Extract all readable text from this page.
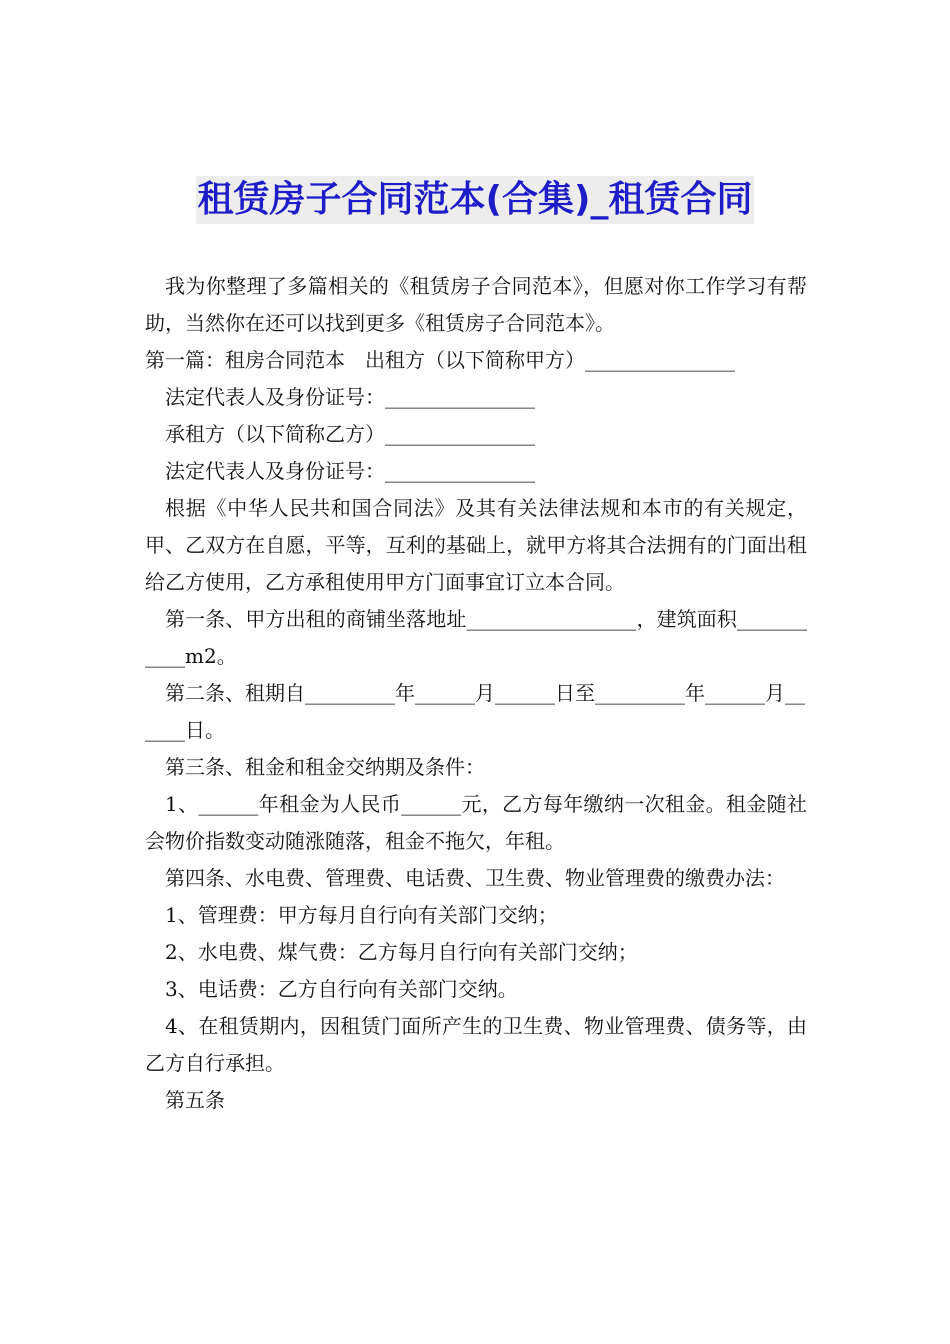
租赁房子合同范本(合集)_租赁合同

我为你整理了多篇相关的《租赁房子合同范本》，但愿对你工作学习有帮助，当然你在还可以找到更多《租赁房子合同范本》。

第一篇：租房合同范本　出租方（以下简称甲方）_______________

法定代表人及身份证号：_______________

承租方（以下简称乙方）_______________

法定代表人及身份证号：_______________

根据《中华人民共和国合同法》及其有关法律法规和本市的有关规定，甲、乙双方在自愿，平等，互利的基础上，就甲方将其合法拥有的门面出租给乙方使用，乙方承租使用甲方门面事宜订立本合同。

第一条、甲方出租的商铺坐落地址_________________，建筑面积___________m2。

第二条、租期自_________年______月______日至_________年______月______日。

第三条、租金和租金交纳期及条件：

1、______年租金为人民币______元，乙方每年缴纳一次租金。租金随社会物价指数变动随涨随落，租金不拖欠，年租。

第四条、水电费、管理费、电话费、卫生费、物业管理费的缴费办法：

1、管理费：甲方每月自行向有关部门交纳；

2、水电费、煤气费：乙方每月自行向有关部门交纳；

3、电话费：乙方自行向有关部门交纳。

4、在租赁期内，因租赁门面所产生的卫生费、物业管理费、债务等，由乙方自行承担。

第五条
